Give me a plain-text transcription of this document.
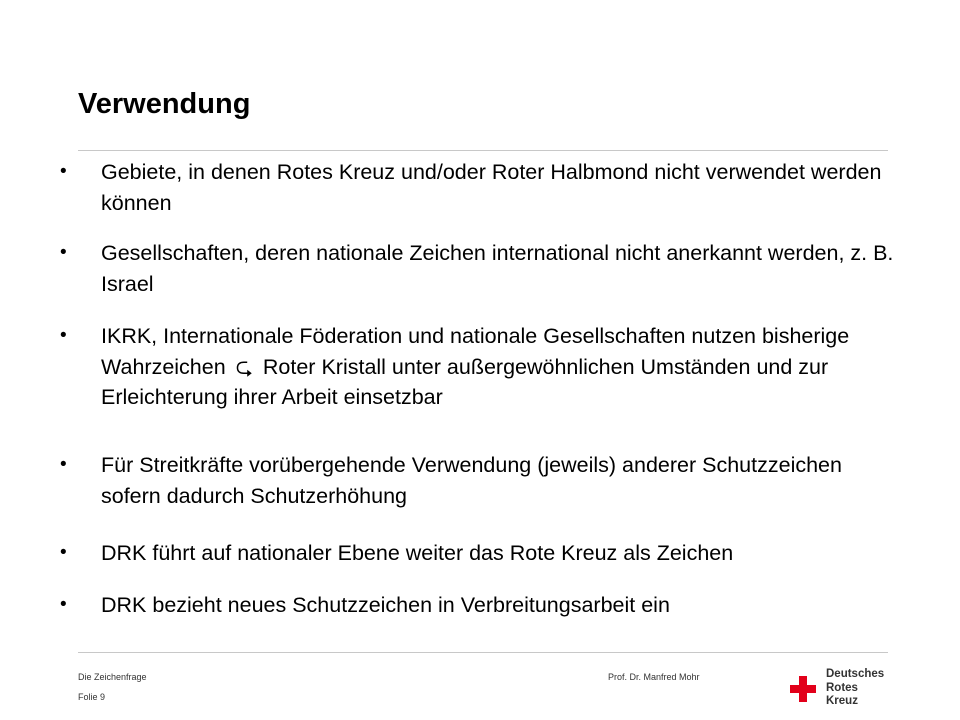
Verwendung
•	Gebiete, in denen Rotes Kreuz und/oder Roter Halbmond nicht verwendet werden können
•	Gesellschaften, deren nationale Zeichen international nicht anerkannt werden, z. B. Israel
•	IKRK, Internationale Föderation und nationale Gesellschaften nutzen bisherige Wahrzeichen ⮎ Roter Kristall unter außergewöhnlichen Umständen und zur Erleichterung ihrer Arbeit einsetzbar
•	Für Streitkräfte vorübergehende Verwendung (jeweils) anderer Schutzzeichen sofern dadurch Schutzerhöhung
•	DRK führt auf nationaler Ebene weiter das Rote Kreuz als Zeichen
•	DRK bezieht neues Schutzzeichen in Verbreitungsarbeit ein
Die Zeichenfrage
Folie 9
Prof. Dr. Manfred Mohr	Deutsches
Rotes
Kreuz
